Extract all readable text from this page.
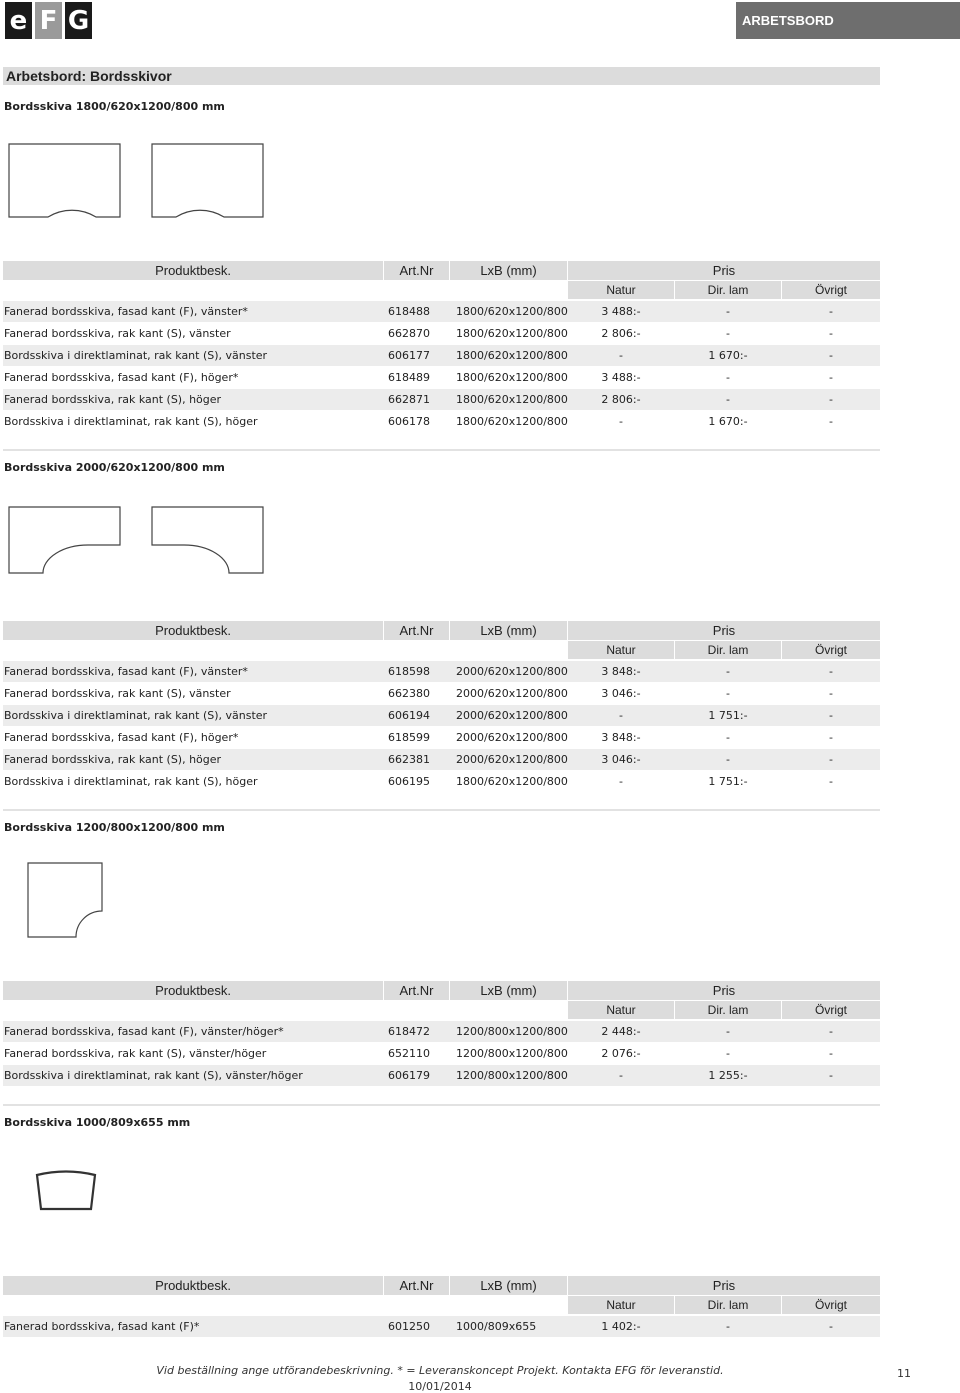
e F G	ARBETSBORD
Arbetsbord: Bordsskivor
Bordsskiva 1800/620x1200/800 mm
Produktbesk.	Art.Nr	LxB (mm)	Pris
Natur	Dir. lam	Övrigt
Fanerad bordsskiva, fasad kant (F), vänster*	618488 1800/620x1200/800	3 488:-	-	-
Fanerad bordsskiva, rak kant (S), vänster	662870 1800/620x1200/800	2 806:-	-	-
Bordsskiva i direktlaminat, rak kant (S), vänster	606177 1800/620x1200/800	-	1 670:-	-
Fanerad bordsskiva, fasad kant (F), höger*	618489 1800/620x1200/800	3 488:-	-	-
Fanerad bordsskiva, rak kant (S), höger	662871 1800/620x1200/800	2 806:-	-	-
Bordsskiva i direktlaminat, rak kant (S), höger	606178 1800/620x1200/800	-	1 670:-	-
Bordsskiva 2000/620x1200/800 mm
Produktbesk.	Art.Nr	LxB (mm)	Pris
Natur	Dir. lam	Övrigt
Fanerad bordsskiva, fasad kant (F), vänster*	618598 2000/620x1200/800	3 848:-	-	-
Fanerad bordsskiva, rak kant (S), vänster	662380 2000/620x1200/800	3 046:-	-	-
Bordsskiva i direktlaminat, rak kant (S), vänster	606194 2000/620x1200/800	-	1 751:-	-
Fanerad bordsskiva, fasad kant (F), höger*	618599 2000/620x1200/800	3 848:-	-	-
Fanerad bordsskiva, rak kant (S), höger	662381 2000/620x1200/800	3 046:-	-	-
Bordsskiva i direktlaminat, rak kant (S), höger	606195 1800/620x1200/800	-	1 751:-	-
Bordsskiva 1200/800x1200/800 mm
Produktbesk.	Art.Nr	LxB (mm)	Pris
Natur	Dir. lam	Övrigt
Fanerad bordsskiva, fasad kant (F), vänster/höger*	618472 1200/800x1200/800	2 448:-	-	-
Fanerad bordsskiva, rak kant (S), vänster/höger	652110 1200/800x1200/800	2 076:-	-	-
Bordsskiva i direktlaminat, rak kant (S), vänster/höger	606179 1200/800x1200/800	-	1 255:-	-
Bordsskiva 1000/809x655 mm
Produktbesk.	Art.Nr	LxB (mm)	Pris
Natur	Dir. lam	Övrigt
Fanerad bordsskiva, fasad kant (F)*	601250 1000/809x655	1 402:-	-	-
Vid beställning ange utförandebeskrivning. * = Leveranskoncept Projekt. Kontakta EFG för leveranstid.
10/01/2014
11
